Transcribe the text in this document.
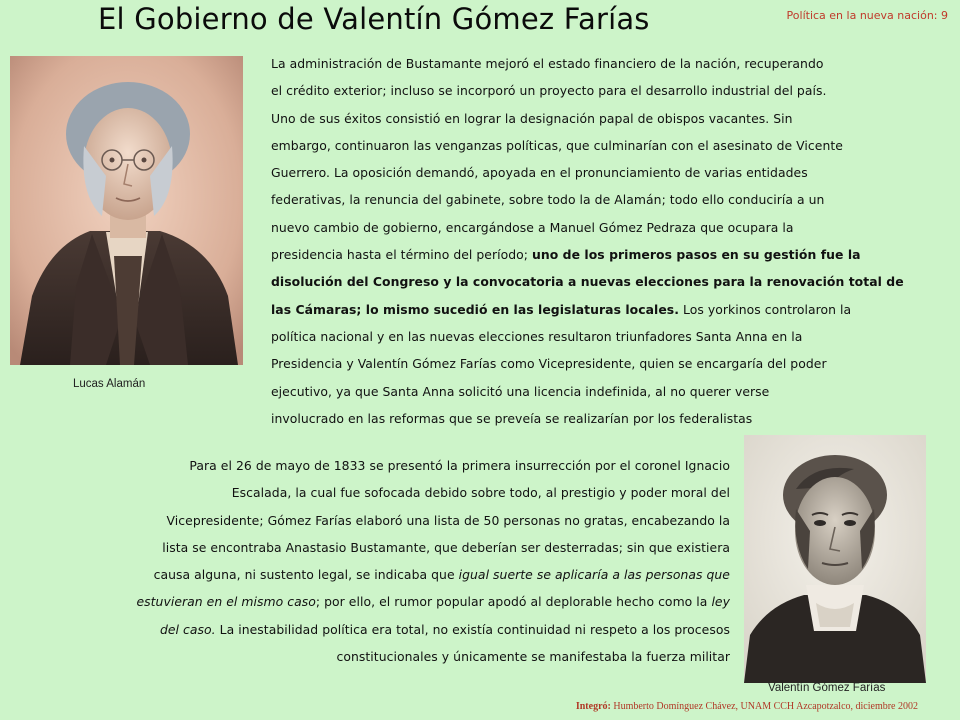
El Gobierno de Valentín Gómez Farías	Política en la nueva nación: 9
Lucas Alamán
La administración de Bustamante mejoró el estado financiero de la nación, recuperando
el crédito exterior; incluso se incorporó un proyecto para el desarrollo industrial del país.
Uno de sus éxitos consistió en lograr la designación papal de obispos vacantes. Sin
embargo, continuaron las venganzas políticas, que culminarían con el asesinato de Vicente
Guerrero. La oposición demandó, apoyada en el pronunciamiento de varias entidades
federativas, la renuncia del gabinete, sobre todo la de Alamán; todo ello conduciría a un
nuevo cambio de gobierno, encargándose a Manuel Gómez Pedraza que ocupara la
presidencia hasta el término del período; uno de los primeros pasos en su gestión fue la
disolución del Congreso y la convocatoria a nuevas elecciones para la renovación total de
las Cámaras; lo mismo sucedió en las legislaturas locales. Los yorkinos controlaron la
política nacional y en las nuevas elecciones resultaron triunfadores Santa Anna en la
Presidencia y Valentín Gómez Farías como Vicepresidente, quien se encargaría del poder
ejecutivo, ya que Santa Anna solicitó una licencia indefinida, al no querer verse
involucrado en las reformas que se preveía se realizarían por los federalistas
Para el 26 de mayo de 1833 se presentó la primera insurrección por el coronel Ignacio
Escalada, la cual fue sofocada debido sobre todo, al prestigio y poder moral del
Vicepresidente; Gómez Farías elaboró una lista de 50 personas no gratas, encabezando la
lista se encontraba Anastasio Bustamante, que deberían ser desterradas; sin que existiera
causa alguna, ni sustento legal, se indicaba que igual suerte se aplicaría a las personas que
estuvieran en el mismo caso; por ello, el rumor popular apodó al deplorable hecho como la ley
del caso. La inestabilidad política era total, no existía continuidad ni respeto a los procesos
constitucionales y únicamente se manifestaba la fuerza militar
Valentín Gómez Farías
Integró: Humberto Domínguez Chávez, UNAM CCH Azcapotzalco, diciembre 2002
